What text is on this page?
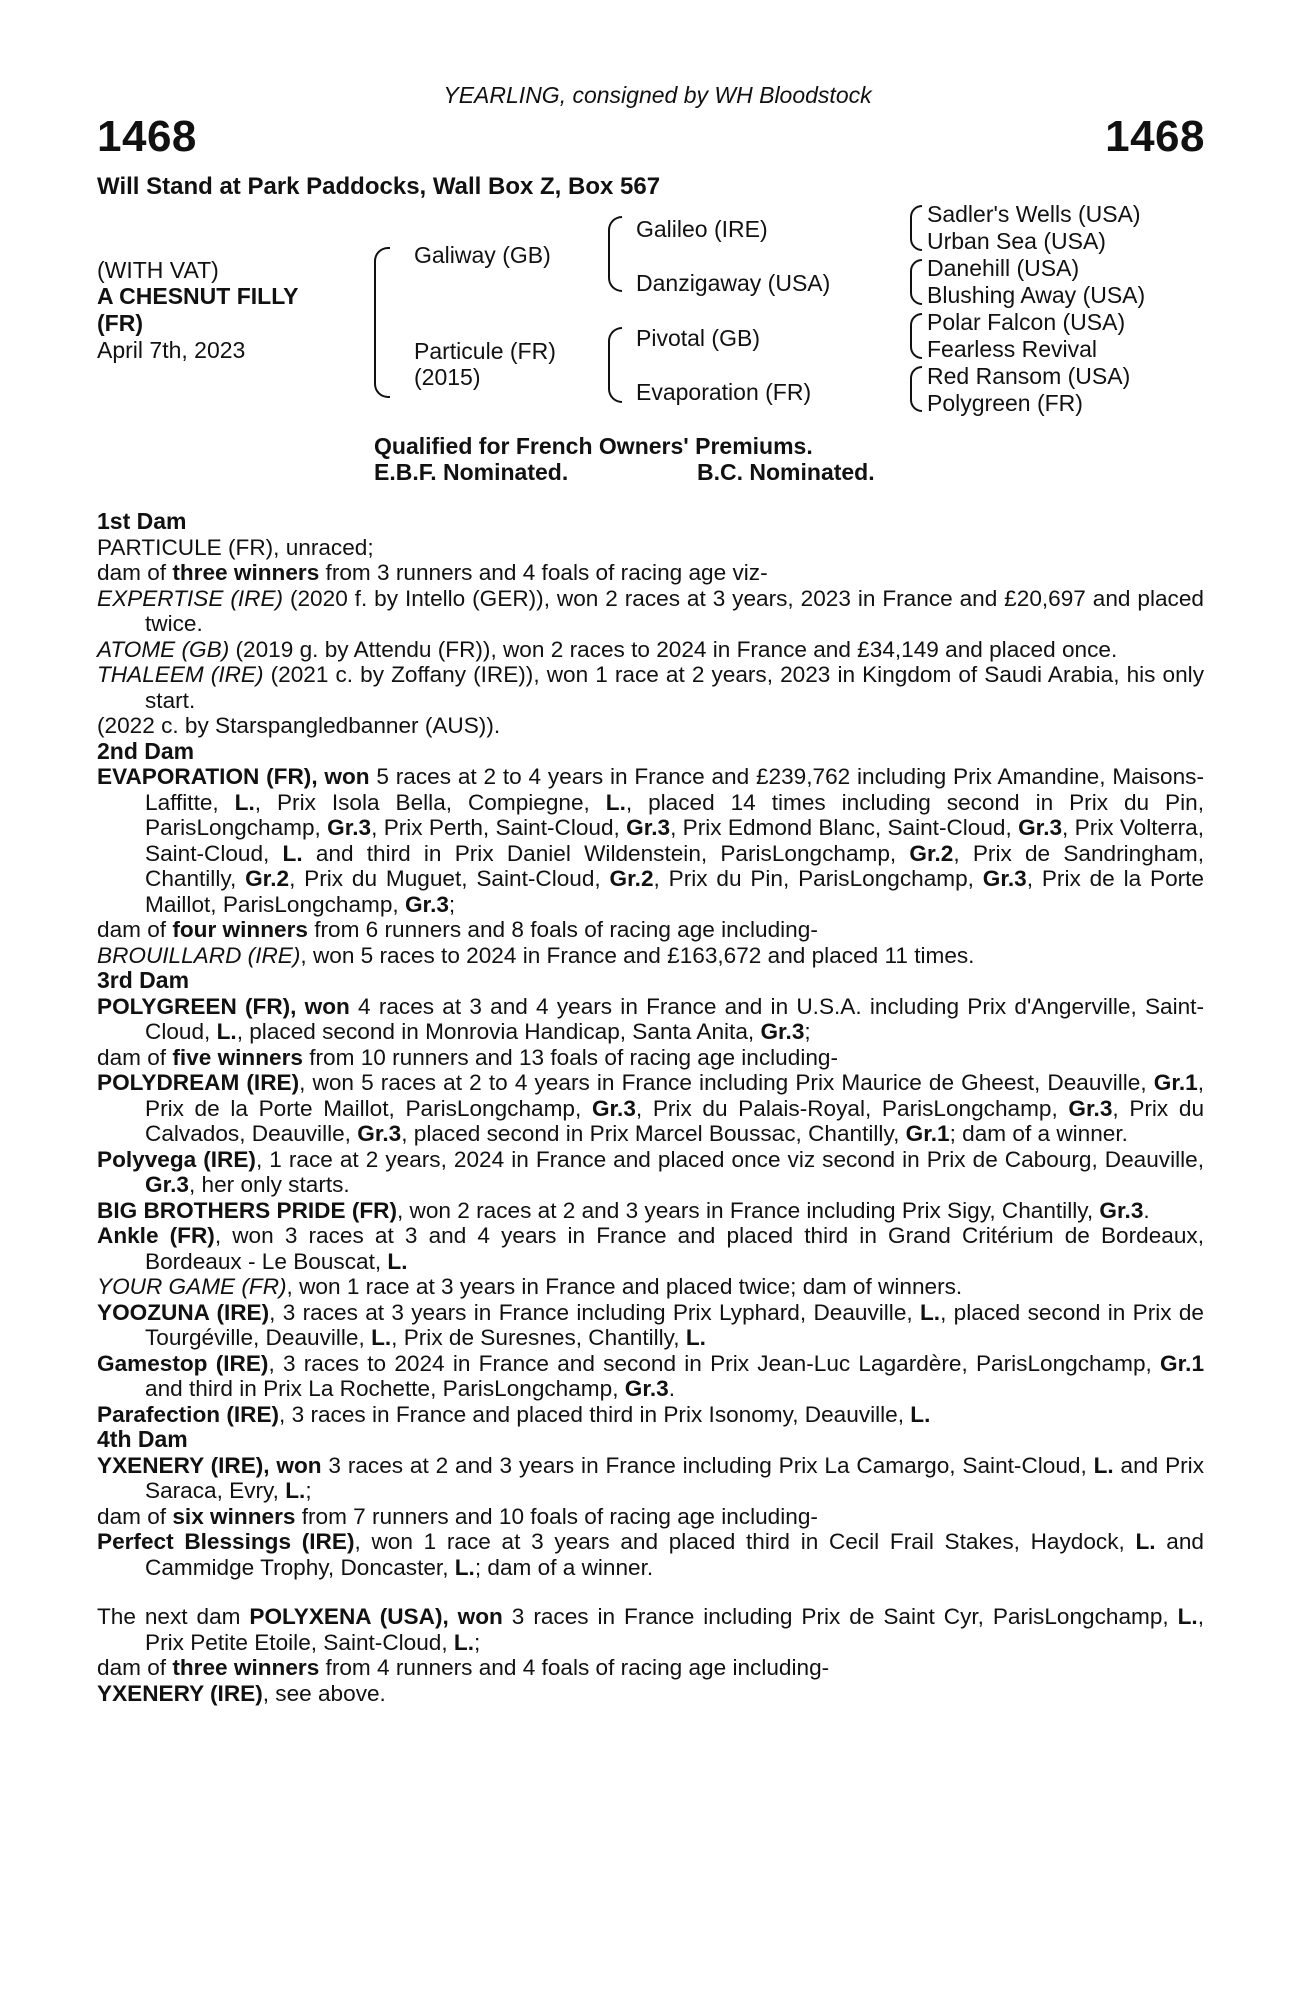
YEARLING, consigned by WH Bloodstock
1468	1468
Will Stand at Park Paddocks, Wall Box Z, Box 567
(WITH VAT)
A CHESNUT FILLY
(FR)
April 7th, 2023
Galiway (GB)
Particule (FR)
(2015)
Galileo (IRE)
Danzigaway (USA)
Pivotal (GB)
Evaporation (FR)
Sadler's Wells (USA)
Urban Sea (USA)
Danehill (USA)
Blushing Away (USA)
Polar Falcon (USA)
Fearless Revival
Red Ransom (USA)
Polygreen (FR)
Qualified for French Owners' Premiums.
E.B.F. Nominated.	B.C. Nominated.

1st Dam

PARTICULE (FR), unraced;

dam of three winners from 3 runners and 4 foals of racing age viz-

EXPERTISE (IRE) (2020 f. by Intello (GER)), won 2 races at 3 years, 2023 in France and £20,697 and placed twice.

ATOME (GB) (2019 g. by Attendu (FR)), won 2 races to 2024 in France and £34,149 and placed once.

THALEEM (IRE) (2021 c. by Zoffany (IRE)), won 1 race at 2 years, 2023 in Kingdom of Saudi Arabia, his only start.

(2022 c. by Starspangledbanner (AUS)).

2nd Dam

EVAPORATION (FR), won 5 races at 2 to 4 years in France and £239,762 including Prix Amandine, Maisons-Laffitte, L., Prix Isola Bella, Compiegne, L., placed 14 times including second in Prix du Pin, ParisLongchamp, Gr.3, Prix Perth, Saint-Cloud, Gr.3, Prix Edmond Blanc, Saint-Cloud, Gr.3, Prix Volterra, Saint-Cloud, L. and third in Prix Daniel Wildenstein, ParisLongchamp, Gr.2, Prix de Sandringham, Chantilly, Gr.2, Prix du Muguet, Saint-Cloud, Gr.2, Prix du Pin, ParisLongchamp, Gr.3, Prix de la Porte Maillot, ParisLongchamp, Gr.3;

dam of four winners from 6 runners and 8 foals of racing age including-

BROUILLARD (IRE), won 5 races to 2024 in France and £163,672 and placed 11 times.

3rd Dam

POLYGREEN (FR), won 4 races at 3 and 4 years in France and in U.S.A. including Prix d'Angerville, Saint-Cloud, L., placed second in Monrovia Handicap, Santa Anita, Gr.3;

dam of five winners from 10 runners and 13 foals of racing age including-

POLYDREAM (IRE), won 5 races at 2 to 4 years in France including Prix Maurice de Gheest, Deauville, Gr.1, Prix de la Porte Maillot, ParisLongchamp, Gr.3, Prix du Palais-Royal, ParisLongchamp, Gr.3, Prix du Calvados, Deauville, Gr.3, placed second in Prix Marcel Boussac, Chantilly, Gr.1; dam of a winner.

Polyvega (IRE), 1 race at 2 years, 2024 in France and placed once viz second in Prix de Cabourg, Deauville, Gr.3, her only starts.

BIG BROTHERS PRIDE (FR), won 2 races at 2 and 3 years in France including Prix Sigy, Chantilly, Gr.3.

Ankle (FR), won 3 races at 3 and 4 years in France and placed third in Grand Critérium de Bordeaux, Bordeaux - Le Bouscat, L.

YOUR GAME (FR), won 1 race at 3 years in France and placed twice; dam of winners.

YOOZUNA (IRE), 3 races at 3 years in France including Prix Lyphard, Deauville, L., placed second in Prix de Tourgéville, Deauville, L., Prix de Suresnes, Chantilly, L.

Gamestop (IRE), 3 races to 2024 in France and second in Prix Jean-Luc Lagardère, ParisLongchamp, Gr.1 and third in Prix La Rochette, ParisLongchamp, Gr.3.

Parafection (IRE), 3 races in France and placed third in Prix Isonomy, Deauville, L.

4th Dam

YXENERY (IRE), won 3 races at 2 and 3 years in France including Prix La Camargo, Saint-Cloud, L. and Prix Saraca, Evry, L.;

dam of six winners from 7 runners and 10 foals of racing age including-

Perfect Blessings (IRE), won 1 race at 3 years and placed third in Cecil Frail Stakes, Haydock, L. and Cammidge Trophy, Doncaster, L.; dam of a winner.

The next dam POLYXENA (USA), won 3 races in France including Prix de Saint Cyr, ParisLongchamp, L., Prix Petite Etoile, Saint-Cloud, L.;

dam of three winners from 4 runners and 4 foals of racing age including-

YXENERY (IRE), see above.
